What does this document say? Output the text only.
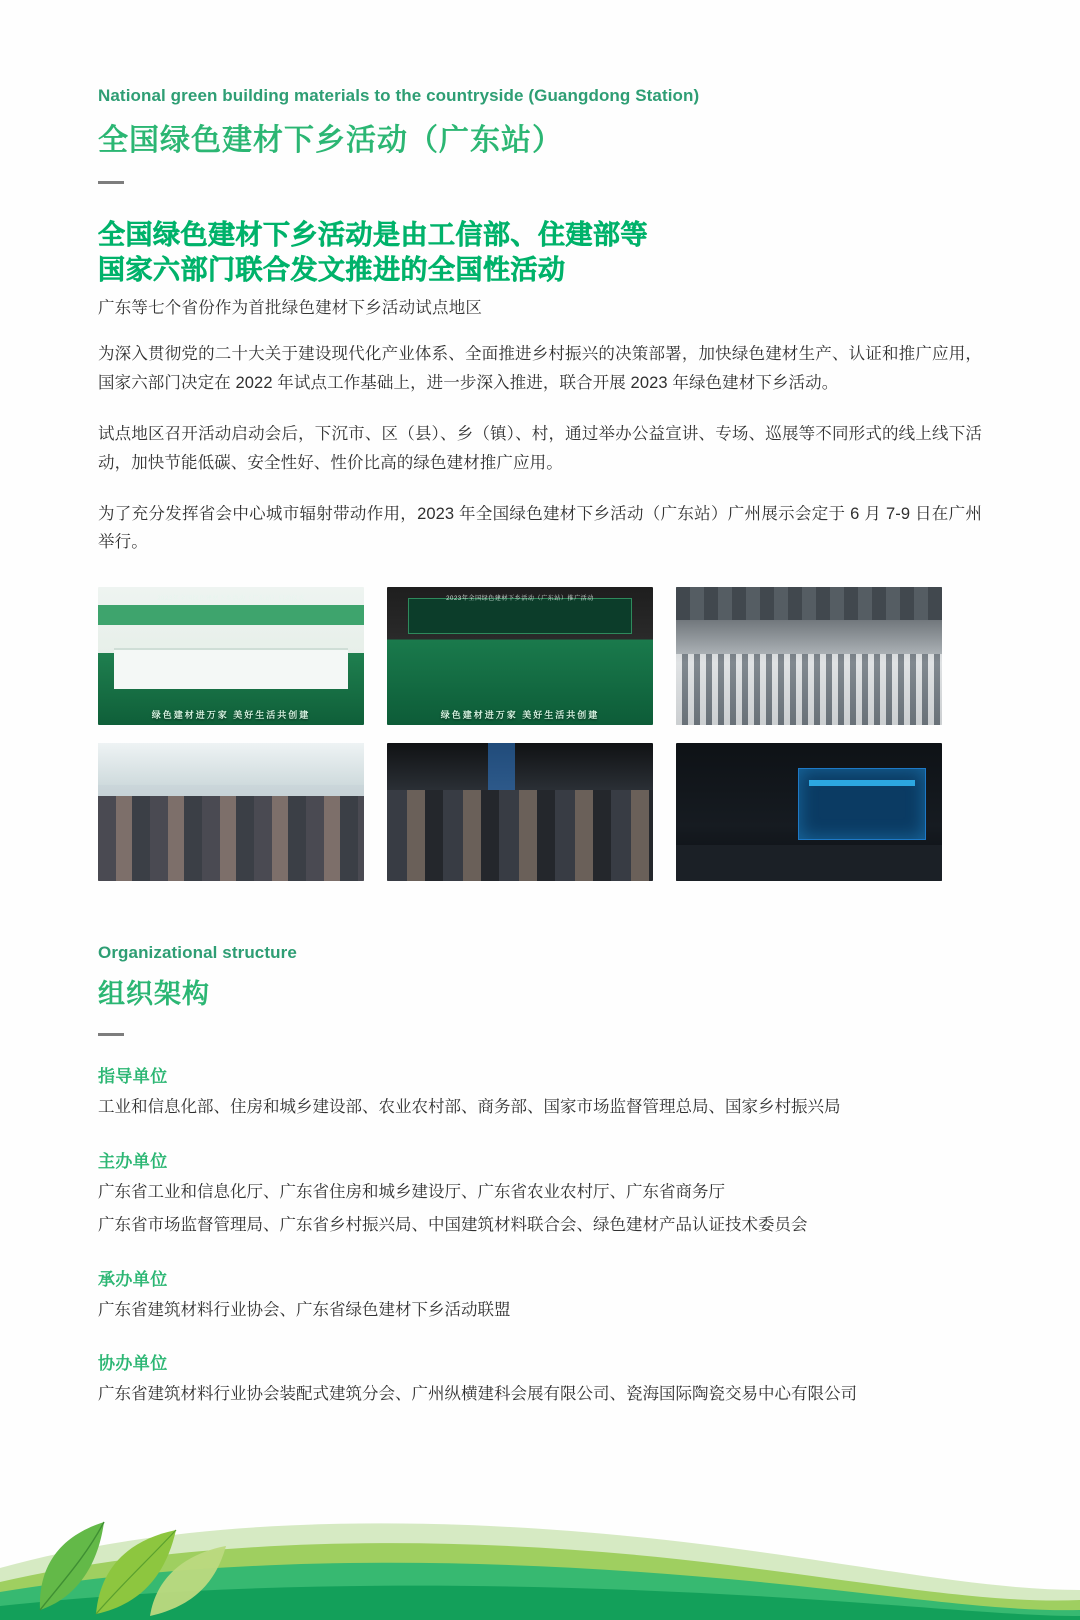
National green building materials to the countryside (Guangdong Station)
全国绿色建材下乡活动（广东站）
全国绿色建材下乡活动是由工信部、住建部等
国家六部门联合发文推进的全国性活动
广东等七个省份作为首批绿色建材下乡活动试点地区

为深入贯彻党的二十大关于建设现代化产业体系、全面推进乡村振兴的决策部署，加快绿色建材生产、认证和推广应用，国家六部门决定在 2022 年试点工作基础上，进一步深入推进，联合开展 2023 年绿色建材下乡活动。

试点地区召开活动启动会后，下沉市、区（县）、乡（镇）、村，通过举办公益宣讲、专场、巡展等不同形式的线上线下活动，加快节能低碳、安全性好、性价比高的绿色建材推广应用。

为了充分发挥省会中心城市辐射带动作用，2023 年全国绿色建材下乡活动（广东站）广州展示会定于 6 月 7-9 日在广州举行。

2023年全国绿色建材下乡活动（广东站）启动仪式
绿色建材进万家 美好生活共创建
2023年全国绿色建材下乡活动（广东站）推广活动
绿色建材进万家 美好生活共创建
Organizational structure
组织架构
指导单位
工业和信息化部、住房和城乡建设部、农业农村部、商务部、国家市场监督管理总局、国家乡村振兴局
主办单位
广东省工业和信息化厅、广东省住房和城乡建设厅、广东省农业农村厅、广东省商务厅
广东省市场监督管理局、广东省乡村振兴局、中国建筑材料联合会、绿色建材产品认证技术委员会
承办单位
广东省建筑材料行业协会、广东省绿色建材下乡活动联盟
协办单位
广东省建筑材料行业协会装配式建筑分会、广州纵横建科会展有限公司、瓷海国际陶瓷交易中心有限公司
